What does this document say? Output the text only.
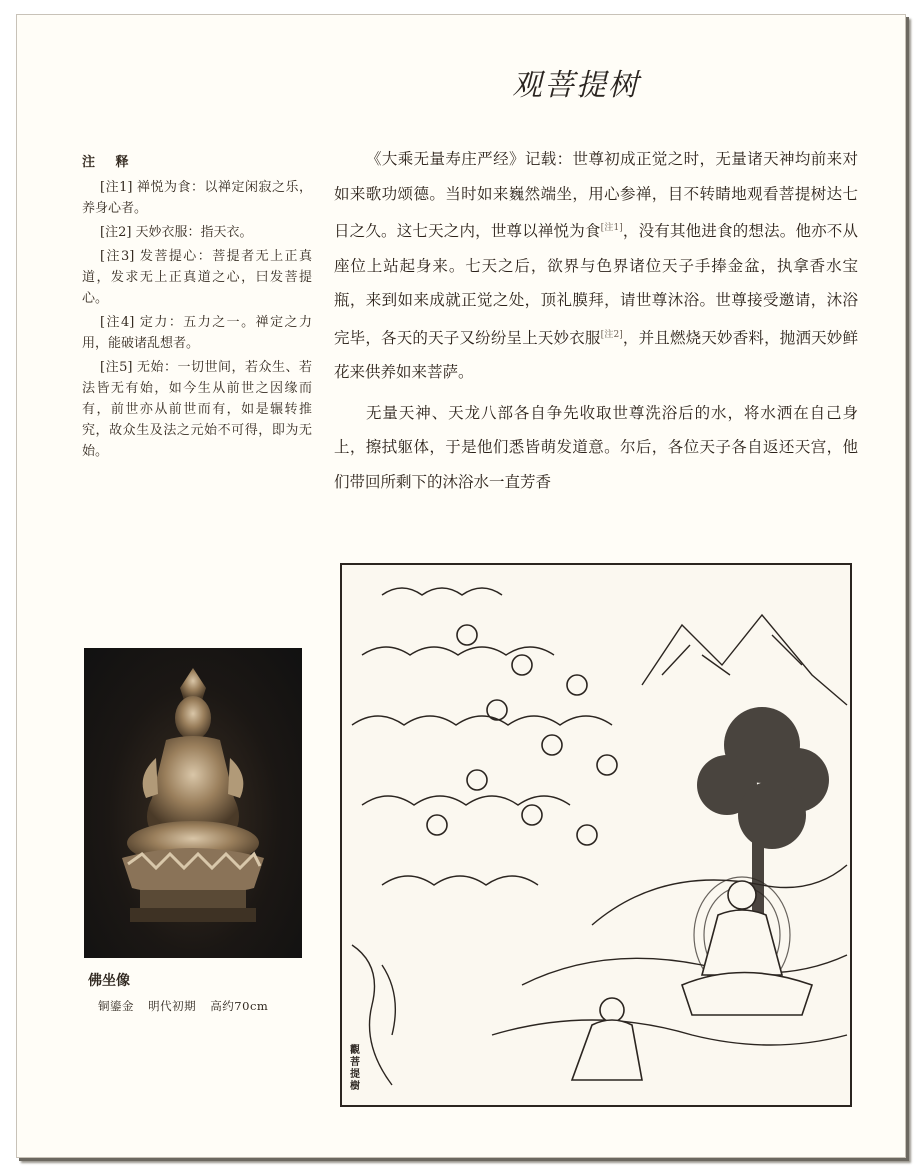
观菩提树
注 释

[注1] 禅悦为食：以禅定闲寂之乐，养身心者。

[注2] 天妙衣服：指天衣。

[注3] 发菩提心：菩提者无上正真道，发求无上正真道之心，曰发菩提心。

[注4] 定力：五力之一。禅定之力用，能破诸乱想者。

[注5] 无始：一切世间，若众生、若法皆无有始，如今生从前世之因缘而有，前世亦从前世而有，如是辗转推究，故众生及法之元始不可得，即为无始。

《大乘无量寿庄严经》记载：世尊初成正觉之时，无量诸天神均前来对如来歌功颂德。当时如来巍然端坐，用心参禅，目不转睛地观看菩提树达七日之久。这七天之内，世尊以禅悦为食[注1]，没有其他进食的想法。他亦不从座位上站起身来。七天之后，欲界与色界诸位天子手捧金盆，执拿香水宝瓶，来到如来成就正觉之处，顶礼膜拜，请世尊沐浴。世尊接受邀请，沐浴完毕，各天的天子又纷纷呈上天妙衣服[注2]，并且燃烧天妙香料，抛洒天妙鲜花来供养如来菩萨。

无量天神、天龙八部各自争先收取世尊洗浴后的水，将水洒在自己身上，擦拭躯体，于是他们悉皆萌发道意。尔后，各位天子各自返还天宫，他们带回所剩下的沐浴水一直芳香

佛坐像
铜鎏金 明代初期 高约70cm
觀菩提樹
